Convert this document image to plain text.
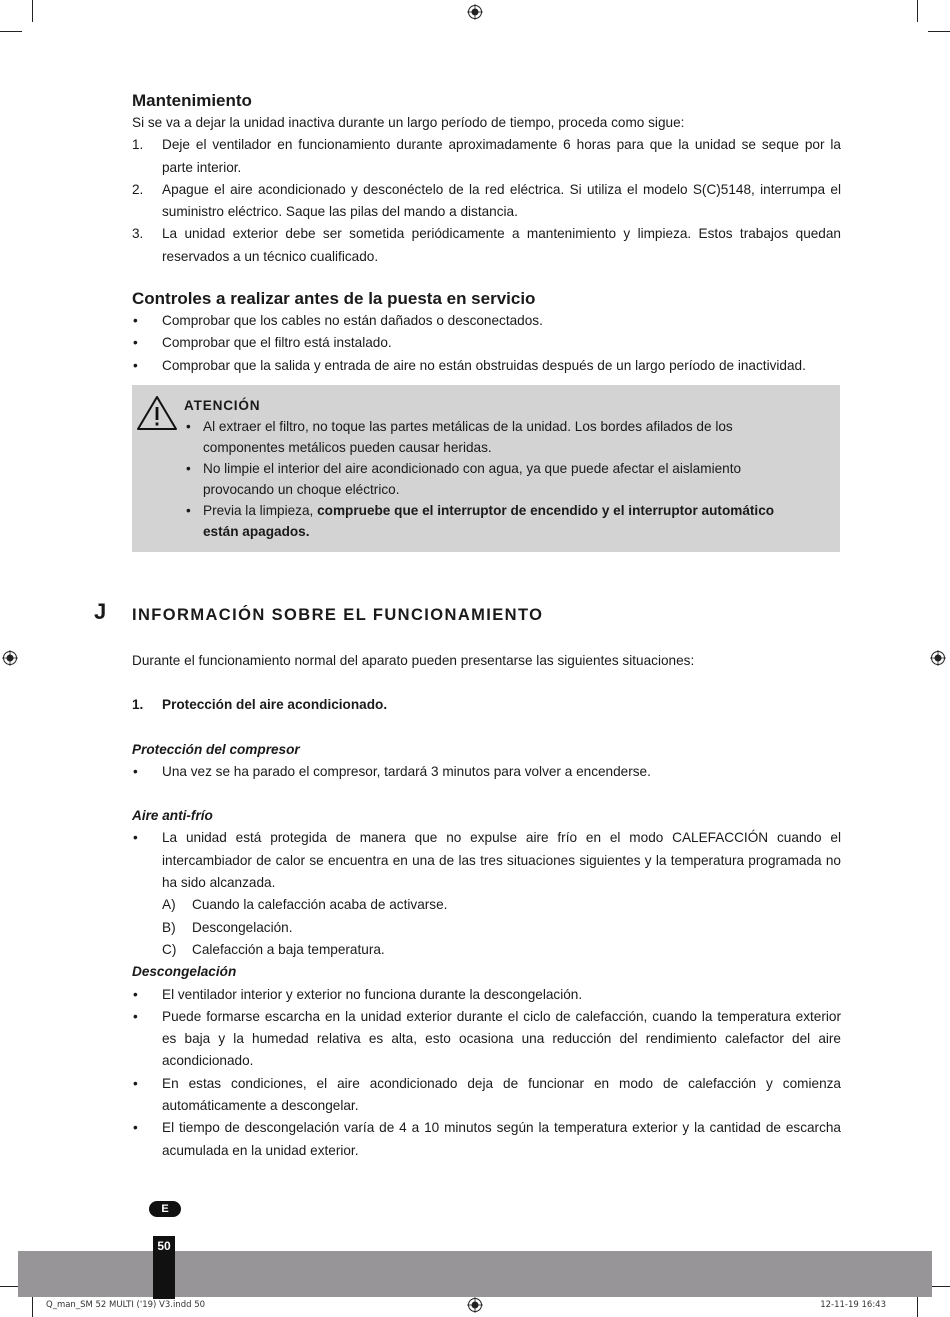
Mantenimiento

Si se va a dejar la unidad inactiva durante un largo período de tiempo, proceda como sigue:

1. Deje el ventilador en funcionamiento durante aproximadamente 6 horas para que la unidad se seque por la parte interior.
2. Apague el aire acondicionado y desconéctelo de la red eléctrica. Si utiliza el modelo S(C)5148, interrumpa el suministro eléctrico. Saque las pilas del mando a distancia.
3. La unidad exterior debe ser sometida periódicamente a mantenimiento y limpieza. Estos trabajos quedan reservados a un técnico cualificado.
Controles a realizar antes de la puesta en servicio
• Comprobar que los cables no están dañados o desconectados.
• Comprobar que el filtro está instalado.
• Comprobar que la salida y entrada de aire no están obstruidas después de un largo período de inactividad.
ATENCIÓN
• Al extraer el filtro, no toque las partes metálicas de la unidad. Los bordes afilados de los componentes metálicos pueden causar heridas.
• No limpie el interior del aire acondicionado con agua, ya que puede afectar el aislamiento provocando un choque eléctrico.
• Previa la limpieza, compruebe que el interruptor de encendido y el interruptor automático están apagados.
J INFORMACIÓN SOBRE EL FUNCIONAMIENTO

Durante el funcionamiento normal del aparato pueden presentarse las siguientes situaciones:

1. Protección del aire acondicionado.

Protección del compresor

• Una vez se ha parado el compresor, tardará 3 minutos para volver a encenderse.

Aire anti-frío

• La unidad está protegida de manera que no expulse aire frío en el modo CALEFACCIÓN cuando el intercambiador de calor se encuentra en una de las tres situaciones siguientes y la temperatura programada no ha sido alcanzada.
A) Cuando la calefacción acaba de activarse.
B) Descongelación.
C) Calefacción a baja temperatura.

Descongelación

• El ventilador interior y exterior no funciona durante la descongelación.
• Puede formarse escarcha en la unidad exterior durante el ciclo de calefacción, cuando la temperatura exterior es baja y la humedad relativa es alta, esto ocasiona una reducción del rendimiento calefactor del aire acondicionado.
• En estas condiciones, el aire acondicionado deja de funcionar en modo de calefacción y comienza automáticamente a descongelar.
• El tiempo de descongelación varía de 4 a 10 minutos según la temperatura exterior y la cantidad de escarcha acumulada en la unidad exterior.
50
E
Q_man_SM 52 MULTI ('19) V3.indd 50	12-11-19 16:43
